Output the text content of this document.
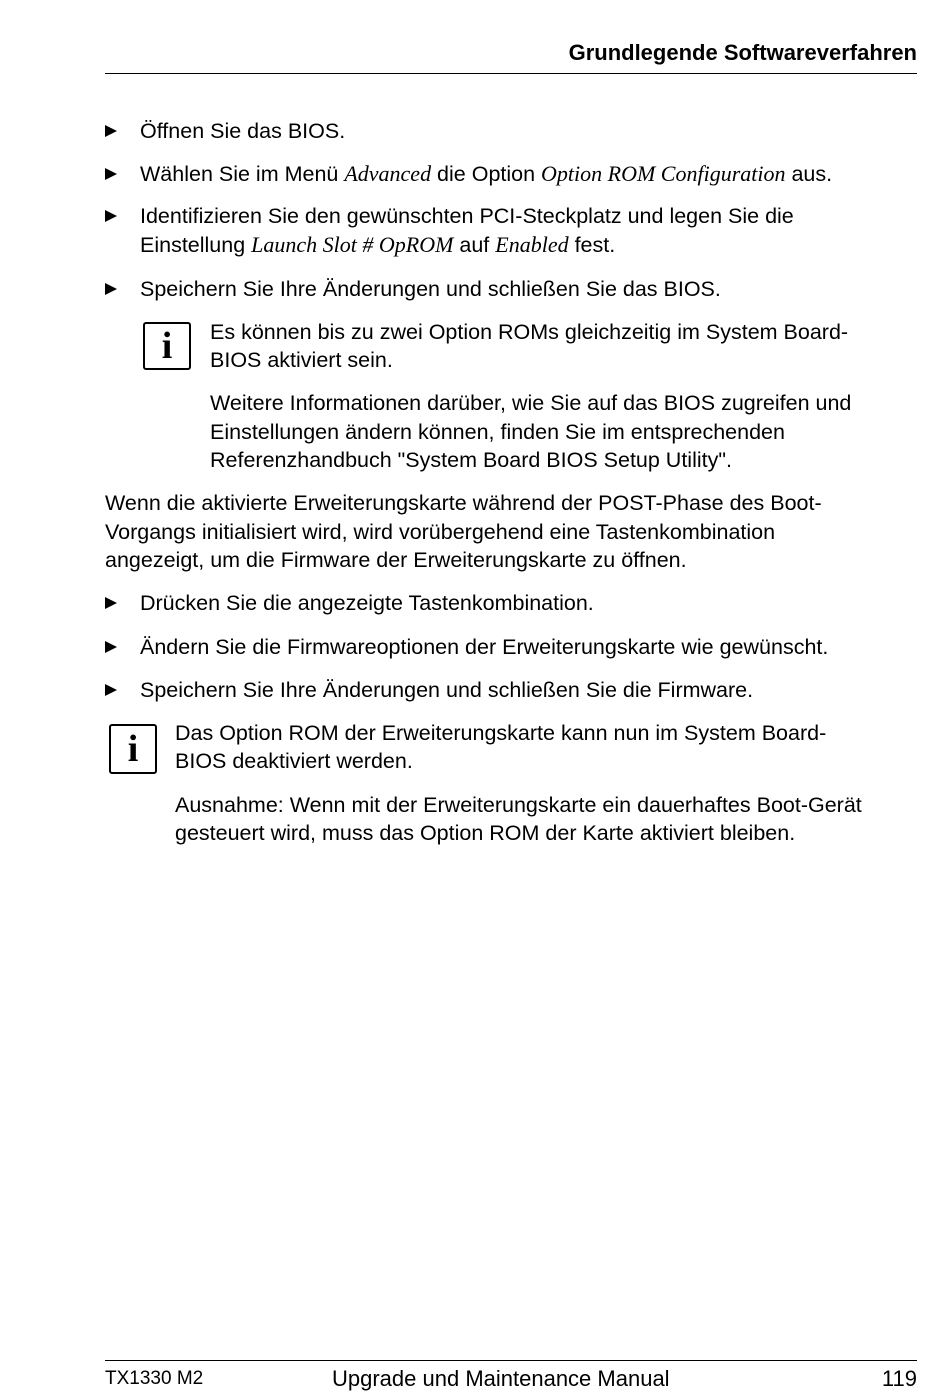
Grundlegende Softwareverfahren
Öffnen Sie das BIOS.
Wählen Sie im Menü Advanced die Option Option ROM Configuration aus.
Identifizieren Sie den gewünschten PCI-Steckplatz und legen Sie die
Einstellung Launch Slot # OpROM auf Enabled fest.
Speichern Sie Ihre Änderungen und schließen Sie das BIOS.
i	Es können bis zu zwei Option ROMs gleichzeitig im System Board-
BIOS aktiviert sein.
Weitere Informationen darüber, wie Sie auf das BIOS zugreifen und
Einstellungen ändern können, finden Sie im entsprechenden
Referenzhandbuch "System Board BIOS Setup Utility".
Wenn die aktivierte Erweiterungskarte während der POST-Phase des Boot-
Vorgangs initialisiert wird, wird vorübergehend eine Tastenkombination
angezeigt, um die Firmware der Erweiterungskarte zu öffnen.
Drücken Sie die angezeigte Tastenkombination.
Ändern Sie die Firmwareoptionen der Erweiterungskarte wie gewünscht.
Speichern Sie Ihre Änderungen und schließen Sie die Firmware.
i	Das Option ROM der Erweiterungskarte kann nun im System Board-
BIOS deaktiviert werden.
Ausnahme: Wenn mit der Erweiterungskarte ein dauerhaftes Boot-Gerät
gesteuert wird, muss das Option ROM der Karte aktiviert bleiben.
TX1330 M2	Upgrade und Maintenance Manual	119
